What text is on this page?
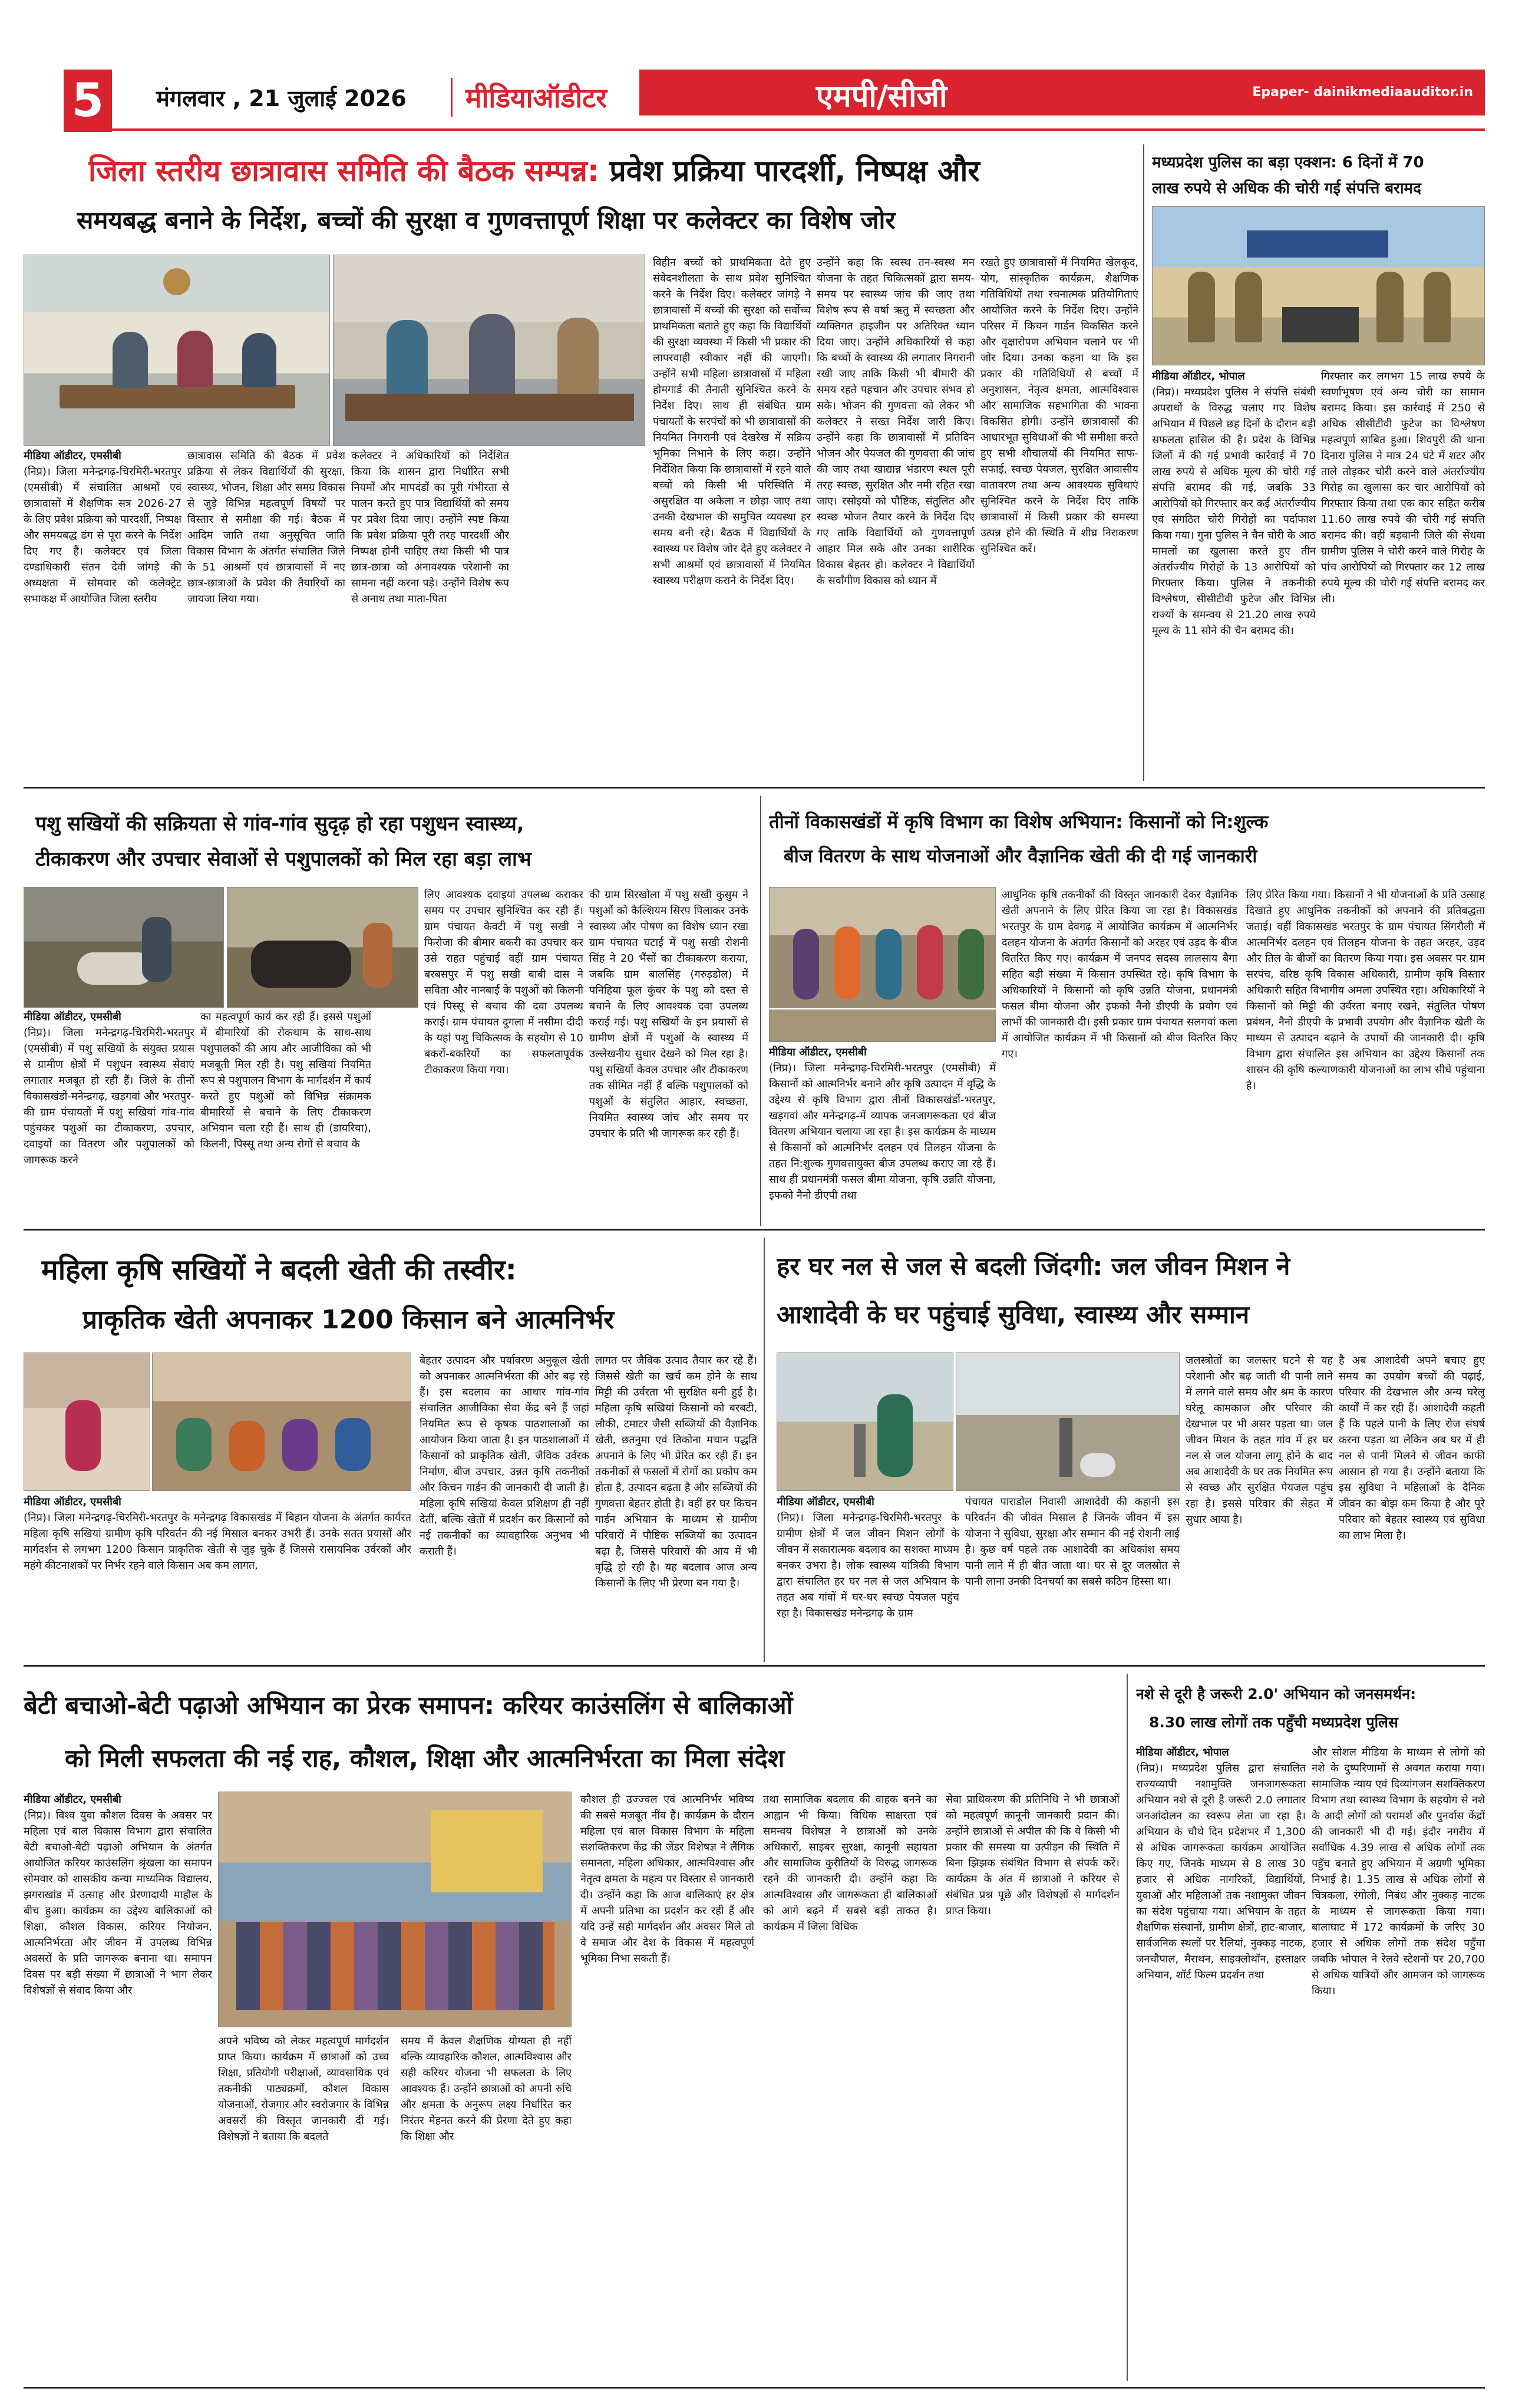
5	मंगलवार , 21 जुलाई 2026 मीडियाऑडीटर	एमपी/सीजी	Epaper- dainikmediaauditor.in
जिला स्तरीय छात्रावास समिति की बैठक सम्पन्न: प्रवेश प्रक्रिया पारदर्शी, निष्पक्ष और
समयबद्ध बनाने के निर्देश, बच्चों की सुरक्षा व गुणवत्तापूर्ण शिक्षा पर कलेक्टर का विशेष जोर

मीडिया ऑडीटर, एमसीबी

(निप्र)। जिला मनेन्द्रगढ़-चिरमिरी-भरतपुर (एमसीबी) में संचालित आश्रमों एवं छात्रावासों में शैक्षणिक सत्र 2026-27 के लिए प्रवेश प्रक्रिया को पारदर्शी, निष्पक्ष और समयबद्ध ढंग से पूरा करने के निर्देश दिए गए हैं। कलेक्टर एवं जिला दण्डाधिकारी संतन देवी जांगड़े की अध्यक्षता में सोमवार को कलेक्ट्रेट सभाकक्ष में आयोजित जिला स्तरीय

छात्रावास समिति की बैठक में प्रवेश प्रक्रिया से लेकर विद्यार्थियों की सुरक्षा, स्वास्थ्य, भोजन, शिक्षा और समग्र विकास से जुड़े विभिन्न महत्वपूर्ण विषयों पर विस्तार से समीक्षा की गई। बैठक में आदिम जाति तथा अनुसूचित जाति विकास विभाग के अंतर्गत संचालित जिले के 51 आश्रमों एवं छात्रावासों में नए छात्र-छात्राओं के प्रवेश की तैयारियों का जायजा लिया गया।

कलेक्टर ने अधिकारियों को निर्देशित किया कि शासन द्वारा निर्धारित सभी नियमों और मापदंडों का पूरी गंभीरता से पालन करते हुए पात्र विद्यार्थियों को समय पर प्रवेश दिया जाए। उन्होंने स्पष्ट किया कि प्रवेश प्रक्रिया पूरी तरह पारदर्शी और निष्पक्ष होनी चाहिए तथा किसी भी पात्र छात्र-छात्रा को अनावश्यक परेशानी का सामना नहीं करना पड़े। उन्होंने विशेष रूप से अनाथ तथा माता-पिता

विहीन बच्चों को प्राथमिकता देते हुए संवेदनशीलता के साथ प्रवेश सुनिश्चित करने के निर्देश दिए। कलेक्टर जांगड़े ने छात्रावासों में बच्चों की सुरक्षा को सर्वोच्च प्राथमिकता बताते हुए कहा कि विद्यार्थियों की सुरक्षा व्यवस्था में किसी भी प्रकार की लापरवाही स्वीकार नहीं की जाएगी। उन्होंने सभी महिला छात्रावासों में महिला होमगार्ड की तैनाती सुनिश्चित करने के निर्देश दिए। साथ ही संबंधित ग्राम पंचायतों के सरपंचों को भी छात्रावासों की नियमित निगरानी एवं देखरेख में सक्रिय भूमिका निभाने के लिए कहा। उन्होंने निर्देशित किया कि छात्रावासों में रहने वाले बच्चों को किसी भी परिस्थिति में असुरक्षित या अकेला न छोड़ा जाए तथा उनकी देखभाल की समुचित व्यवस्था हर समय बनी रहे। बैठक में विद्यार्थियों के स्वास्थ्य पर विशेष जोर देते हुए कलेक्टर ने सभी आश्रमों एवं छात्रावासों में नियमित स्वास्थ्य परीक्षण कराने के निर्देश दिए।

उन्होंने कहा कि स्वस्थ तन-स्वस्थ मन योजना के तहत चिकित्सकों द्वारा समय-समय पर स्वास्थ्य जांच की जाए तथा विशेष रूप से वर्षा ऋतु में स्वच्छता और व्यक्तिगत हाइजीन पर अतिरिक्त ध्यान दिया जाए। उन्होंने अधिकारियों से कहा कि बच्चों के स्वास्थ्य की लगातार निगरानी रखी जाए ताकि किसी भी बीमारी की समय रहते पहचान और उपचार संभव हो सके। भोजन की गुणवत्ता को लेकर भी कलेक्टर ने सख्त निर्देश जारी किए। उन्होंने कहा कि छात्रावासों में प्रतिदिन भोजन और पेयजल की गुणवत्ता की जांच की जाए तथा खाद्यान्न भंडारण स्थल पूरी तरह स्वच्छ, सुरक्षित और नमी रहित रखा जाए। रसोइयों को पौष्टिक, संतुलित और स्वच्छ भोजन तैयार करने के निर्देश दिए गए ताकि विद्यार्थियों को गुणवत्तापूर्ण आहार मिल सके और उनका शारीरिक विकास बेहतर हो। कलेक्टर ने विद्यार्थियों के सर्वांगीण विकास को ध्यान में

रखते हुए छात्रावासों में नियमित खेलकूद, योग, सांस्कृतिक कार्यक्रम, शैक्षणिक गतिविधियों तथा रचनात्मक प्रतियोगिताएं आयोजित करने के निर्देश दिए। उन्होंने परिसर में किचन गार्डन विकसित करने और वृक्षारोपण अभियान चलाने पर भी जोर दिया। उनका कहना था कि इस प्रकार की गतिविधियों से बच्चों में अनुशासन, नेतृत्व क्षमता, आत्मविश्वास और सामाजिक सहभागिता की भावना विकसित होगी। उन्होंने छात्रावासों की आधारभूत सुविधाओं की भी समीक्षा करते हुए सभी शौचालयों की नियमित साफ-सफाई, स्वच्छ पेयजल, सुरक्षित आवासीय वातावरण तथा अन्य आवश्यक सुविधाएं सुनिश्चित करने के निर्देश दिए ताकि छात्रावासों में किसी प्रकार की समस्या उत्पन्न होने की स्थिति में शीघ्र निराकरण सुनिश्चित करें।

मध्यप्रदेश पुलिस का बड़ा एक्शन: 6 दिनों में 70
लाख रुपये से अधिक की चोरी गई संपत्ति बरामद

मीडिया ऑडीटर, भोपाल

(निप्र)। मध्यप्रदेश पुलिस ने संपत्ति संबंधी अपराधों के विरुद्ध चलाए गए विशेष अभियान में पिछले छह दिनों के दौरान बड़ी सफलता हासिल की है। प्रदेश के विभिन्न जिलों में की गई प्रभावी कार्रवाई में 70 लाख रुपये से अधिक मूल्य की चोरी गई संपत्ति बरामद की गई, जबकि 33 आरोपियों को गिरफ्तार कर कई अंतर्राज्यीय एवं संगठित चोरी गिरोहों का पर्दाफाश किया गया। गुना पुलिस ने चैन चोरी के आठ मामलों का खुलासा करते हुए तीन अंतर्राज्यीय गिरोहों के 13 आरोपियों को गिरफ्तार किया। पुलिस ने तकनीकी विश्लेषण, सीसीटीवी फुटेज और विभिन्न राज्यों के समन्वय से 21.20 लाख रुपये मूल्य के 11 सोने की चैन बरामद की।

गिरफ्तार कर लगभग 15 लाख रुपये के स्वर्णाभूषण एवं अन्य चोरी का सामान बरामद किया। इस कार्रवाई में 250 से अधिक सीसीटीवी फुटेज का विश्लेषण महत्वपूर्ण साबित हुआ। शिवपुरी की थाना दिनारा पुलिस ने मात्र 24 घंटे में शटर और ताले तोड़कर चोरी करने वाले अंतर्राज्यीय गिरोह का खुलासा कर चार आरोपियों को गिरफ्तार किया तथा एक कार सहित करीब 11.60 लाख रुपये की चोरी गई संपत्ति बरामद की। वहीं बड़वानी जिले की सेंधवा ग्रामीण पुलिस ने चोरी करने वाले गिरोह के पांच आरोपियों को गिरफ्तार कर 12 लाख रुपये मूल्य की चोरी गई संपत्ति बरामद कर ली।

पशु सखियों की सक्रियता से गांव-गांव सुदृढ़ हो रहा पशुधन स्वास्थ्य,
टीकाकरण और उपचार सेवाओं से पशुपालकों को मिल रहा बड़ा लाभ

मीडिया ऑडीटर, एमसीबी

(निप्र)। जिला मनेन्द्रगढ़-चिरमिरी-भरतपुर (एमसीबी) में पशु सखियों के संयुक्त प्रयास से ग्रामीण क्षेत्रों में पशुधन स्वास्थ्य सेवाएं लगातार मजबूत हो रही हैं। जिले के तीनों विकासखंडों-मनेन्द्रगढ़, खड़गवां और भरतपुर-की ग्राम पंचायतों में पशु सखियां गांव-गांव पहुंचकर पशुओं का टीकाकरण, उपचार, दवाइयों का वितरण और पशुपालकों को जागरूक करने

का महत्वपूर्ण कार्य कर रही हैं। इससे पशुओं में बीमारियों की रोकथाम के साथ-साथ पशुपालकों की आय और आजीविका को भी मजबूती मिल रही है। पशु सखियां नियमित रूप से पशुपालन विभाग के मार्गदर्शन में कार्य करते हुए पशुओं को विभिन्न संक्रामक बीमारियों से बचाने के लिए टीकाकरण अभियान चला रही हैं। साथ ही (डायरिया), किलनी, पिस्सू तथा अन्य रोगों से बचाव के

लिए आवश्यक दवाइयां उपलब्ध कराकर समय पर उपचार सुनिश्चित कर रही हैं। ग्राम पंचायत केवटी में पशु सखी ने फिरोजा की बीमार बकरी का उपचार कर उसे राहत पहुंचाई वहीं ग्राम पंचायत बरबसपुर में पशु सखी बाबी दास ने सविता और नानबाई के पशुओं को किलनी एवं पिस्सू से बचाव की दवा उपलब्ध कराई। ग्राम पंचायत दुगला में नसीमा दीदी के यहां पशु चिकित्सक के सहयोग से 10 बकरों-बकरियों का सफलतापूर्वक टीकाकरण किया गया।

की ग्राम सिरखोला में पशु सखी कुसुम ने पशुओं को कैल्शियम सिरप पिलाकर उनके स्वास्थ्य और पोषण का विशेष ध्यान रखा ग्राम पंचायत घटाई में पशु सखी रोशनी सिंह ने 20 भैंसों का टीकाकरण कराया, जबकि ग्राम बालसिंह (गरुड़डोल) में पनिहिया फूल कुंवर के पशु को दस्त से बचाने के लिए आवश्यक दवा उपलब्ध कराई गई। पशु सखियों के इन प्रयासों से ग्रामीण क्षेत्रों में पशुओं के स्वास्थ्य में उल्लेखनीय सुधार देखने को मिल रहा है। पशु सखियों केवल उपचार और टीकाकरण तक सीमित नहीं हैं बल्कि पशुपालकों को पशुओं के संतुलित आहार, स्वच्छता, नियमित स्वास्थ्य जांच और समय पर उपचार के प्रति भी जागरूक कर रही हैं।

तीनों विकासखंडों में कृषि विभाग का विशेष अभियान: किसानों को नि:शुल्क
बीज वितरण के साथ योजनाओं और वैज्ञानिक खेती की दी गई जानकारी

मीडिया ऑडीटर, एमसीबी

(निप्र)। जिला मनेन्द्रगढ़-चिरमिरी-भरतपुर (एमसीबी) में किसानों को आत्मनिर्भर बनाने और कृषि उत्पादन में वृद्धि के उद्देश्य से कृषि विभाग द्वारा तीनों विकासखंडों-भरतपुर, खड़गवां और मनेन्द्रगढ़-में व्यापक जनजागरूकता एवं बीज वितरण अभियान चलाया जा रहा है। इस कार्यक्रम के माध्यम से किसानों को आत्मनिर्भर दलहन एवं तिलहन योजना के तहत नि:शुल्क गुणवत्तायुक्त बीज उपलब्ध कराए जा रहे हैं। साथ ही प्रधानमंत्री फसल बीमा योजना, कृषि उन्नति योजना, इफको नैनो डीएपी तथा

आधुनिक कृषि तकनीकों की विस्तृत जानकारी देकर वैज्ञानिक खेती अपनाने के लिए प्रेरित किया जा रहा है। विकासखंड भरतपुर के ग्राम देवगढ़ में आयोजित कार्यक्रम में आत्मनिर्भर दलहन योजना के अंतर्गत किसानों को अरहर एवं उड़द के बीज वितरित किए गए। कार्यक्रम में जनपद सदस्य लालसाय बैगा सहित बड़ी संख्या में किसान उपस्थित रहे। कृषि विभाग के अधिकारियों ने किसानों को कृषि उन्नति योजना, प्रधानमंत्री फसल बीमा योजना और इफको नैनो डीएपी के प्रयोग एवं लाभों की जानकारी दी। इसी प्रकार ग्राम पंचायत सलगवां कला में आयोजित कार्यक्रम में भी किसानों को बीज वितरित किए गए।

लिए प्रेरित किया गया। किसानों ने भी योजनाओं के प्रति उत्साह दिखाते हुए आधुनिक तकनीकों को अपनाने की प्रतिबद्धता जताई। वहीं विकासखंड भरतपुर के ग्राम पंचायत सिंगरौली में आत्मनिर्भर दलहन एवं तिलहन योजना के तहत अरहर, उड़द और तिल के बीजों का वितरण किया गया। इस अवसर पर ग्राम सरपंच, वरिष्ठ कृषि विकास अधिकारी, ग्रामीण कृषि विस्तार अधिकारी सहित विभागीय अमला उपस्थित रहा। अधिकारियों ने किसानों को मिट्टी की उर्वरता बनाए रखने, संतुलित पोषण प्रबंधन, नैनो डीएपी के प्रभावी उपयोग और वैज्ञानिक खेती के माध्यम से उत्पादन बढ़ाने के उपायों की जानकारी दी। कृषि विभाग द्वारा संचालित इस अभियान का उद्देश्य किसानों तक शासन की कृषि कल्याणकारी योजनाओं का लाभ सीधे पहुंचाना है।

महिला कृषि सखियों ने बदली खेती की तस्वीर:
प्राकृतिक खेती अपनाकर 1200 किसान बने आत्मनिर्भर

मीडिया ऑडीटर, एमसीबी

(निप्र)। जिला मनेन्द्रगढ़-चिरमिरी-भरतपुर के मनेन्द्रगढ़ विकासखंड में बिहान योजना के अंतर्गत कार्यरत महिला कृषि सखियां ग्रामीण कृषि परिवर्तन की नई मिसाल बनकर उभरी हैं। उनके सतत प्रयासों और मार्गदर्शन से लगभग 1200 किसान प्राकृतिक खेती से जुड़ चुके हैं जिससे रासायनिक उर्वरकों और महंगे कीटनाशकों पर निर्भर रहने वाले किसान अब कम लागत,

बेहतर उत्पादन और पर्यावरण अनुकूल खेती को अपनाकर आत्मनिर्भरता की ओर बढ़ रहे हैं। इस बदलाव का आधार गांव-गांव संचालित आजीविका सेवा केंद्र बने हैं जहां नियमित रूप से कृषक पाठशालाओं का आयोजन किया जाता है। इन पाठशालाओं में किसानों को प्राकृतिक खेती, जैविक उर्वरक निर्माण, बीज उपचार, उन्नत कृषि तकनीकों और किचन गार्डन की जानकारी दी जाती है। महिला कृषि सखियां केवल प्रशिक्षण ही नहीं देतीं, बल्कि खेतों में प्रदर्शन कर किसानों को नई तकनीकों का व्यावहारिक अनुभव भी कराती हैं।

लागत पर जैविक उत्पाद तैयार कर रहे हैं। जिससे खेती का खर्च कम होने के साथ मिट्टी की उर्वरता भी सुरक्षित बनी हुई है। महिला कृषि सखियां किसानों को बरबटी, लौकी, टमाटर जैसी सब्जियों की वैज्ञानिक खेती, छतनुमा एवं तिकोना मचान पद्धति अपनाने के लिए भी प्रेरित कर रही हैं। इन तकनीकों से फसलों में रोगों का प्रकोप कम होता है, उत्पादन बढ़ता है और सब्जियों की गुणवत्ता बेहतर होती है। वहीं हर घर किचन गार्डन अभियान के माध्यम से ग्रामीण परिवारों में पौष्टिक सब्जियों का उत्पादन बढ़ा है, जिससे परिवारों की आय में भी वृद्धि हो रही है। यह बदलाव आज अन्य किसानों के लिए भी प्रेरणा बन गया है।

हर घर नल से जल से बदली जिंदगी: जल जीवन मिशन ने
आशादेवी के घर पहुंचाई सुविधा, स्वास्थ्य और सम्मान

मीडिया ऑडीटर, एमसीबी

(निप्र)। जिला मनेन्द्रगढ़-चिरमिरी-भरतपुर के ग्रामीण क्षेत्रों में जल जीवन मिशन लोगों के जीवन में सकारात्मक बदलाव का सशक्त माध्यम बनकर उभरा है। लोक स्वास्थ्य यांत्रिकी विभाग द्वारा संचालित हर घर नल से जल अभियान के तहत अब गांवों में घर-घर स्वच्छ पेयजल पहुंच रहा है। विकासखंड मनेन्द्रगढ़ के ग्राम

पंचायत पाराडोल निवासी आशादेवी की कहानी इस परिवर्तन की जीवंत मिसाल है जिनके जीवन में इस योजना ने सुविधा, सुरक्षा और सम्मान की नई रोशनी लाई है। कुछ वर्ष पहले तक आशादेवी का अधिकांश समय पानी लाने में ही बीत जाता था। घर से दूर जलस्रोत से पानी लाना उनकी दिनचर्या का सबसे कठिन हिस्सा था।

जलस्त्रोतों का जलस्तर घटने से यह परेशानी और बढ़ जाती थी पानी लाने में लगने वाले समय और श्रम के कारण घरेलू कामकाज और परिवार की देखभाल पर भी असर पड़ता था। जल जीवन मिशन के तहत गांव में हर घर नल से जल योजना लागू होने के बाद अब आशादेवी के घर तक नियमित रूप से स्वच्छ और सुरक्षित पेयजल पहुंच रहा है। इससे परिवार की सेहत में सुधार आया है।

है अब आशादेवी अपने बचाए हुए समय का उपयोग बच्चों की पढ़ाई, परिवार की देखभाल और अन्य घरेलू कार्यों में कर रही हैं। आशादेवी कहती हैं कि पहले पानी के लिए रोज संघर्ष करना पड़ता था लेकिन अब घर में ही नल से पानी मिलने से जीवन काफी आसान हो गया है। उन्होंने बताया कि इस सुविधा ने महिलाओं के दैनिक जीवन का बोझ कम किया है और पूरे परिवार को बेहतर स्वास्थ्य एवं सुविधा का लाभ मिला है।

बेटी बचाओ-बेटी पढ़ाओ अभियान का प्रेरक समापन: करियर काउंसलिंग से बालिकाओं
को मिली सफलता की नई राह, कौशल, शिक्षा और आत्मनिर्भरता का मिला संदेश

मीडिया ऑडीटर, एमसीबी

(निप्र)। विश्व युवा कौशल दिवस के अवसर पर महिला एवं बाल विकास विभाग द्वारा संचालित बेटी बचाओ-बेटी पढ़ाओ अभियान के अंतर्गत आयोजित करियर काउंसलिंग श्रृंखला का समापन सोमवार को शासकीय कन्या माध्यमिक विद्यालय, झगराखांड में उत्साह और प्रेरणादायी माहौल के बीच हुआ। कार्यक्रम का उद्देश्य बालिकाओं को शिक्षा, कौशल विकास, करियर नियोजन, आत्मनिर्भरता और जीवन में उपलब्ध विभिन्न अवसरों के प्रति जागरूक बनाना था। समापन दिवस पर बड़ी संख्या में छात्राओं ने भाग लेकर विशेषज्ञों से संवाद किया और

अपने भविष्य को लेकर महत्वपूर्ण मार्गदर्शन प्राप्त किया। कार्यक्रम में छात्राओं को उच्च शिक्षा, प्रतियोगी परीक्षाओं, व्यावसायिक एवं तकनीकी पाठ्यक्रमों, कौशल विकास योजनाओं, रोजगार और स्वरोजगार के विभिन्न अवसरों की विस्तृत जानकारी दी गई। विशेषज्ञों ने बताया कि बदलते

समय में केवल शैक्षणिक योग्यता ही नहीं बल्कि व्यावहारिक कौशल, आत्मविश्वास और सही करियर योजना भी सफलता के लिए आवश्यक हैं। उन्होंने छात्राओं को अपनी रुचि और क्षमता के अनुरूप लक्ष्य निर्धारित कर निरंतर मेहनत करने की प्रेरणा देते हुए कहा कि शिक्षा और

कौशल ही उज्ज्वल एवं आत्मनिर्भर भविष्य की सबसे मजबूत नींव हैं। कार्यक्रम के दौरान महिला एवं बाल विकास विभाग के महिला सशक्तिकरण केंद्र की जेंडर विशेषज्ञ ने लैंगिक समानता, महिला अधिकार, आत्मविश्वास और नेतृत्व क्षमता के महत्व पर विस्तार से जानकारी दी। उन्होंने कहा कि आज बालिकाएं हर क्षेत्र में अपनी प्रतिभा का प्रदर्शन कर रही हैं और यदि उन्हें सही मार्गदर्शन और अवसर मिले तो वे समाज और देश के विकास में महत्वपूर्ण भूमिका निभा सकती हैं।

तथा सामाजिक बदलाव की वाहक बनने का आह्वान भी किया। विधिक साक्षरता एवं समन्वय विशेषज्ञ ने छात्राओं को उनके अधिकारों, साइबर सुरक्षा, कानूनी सहायता और सामाजिक कुरीतियों के विरुद्ध जागरूक रहने की जानकारी दी। उन्होंने कहा कि आत्मविश्वास और जागरूकता ही बालिकाओं को आगे बढ़ने में सबसे बड़ी ताकत है। कार्यक्रम में जिला विधिक

सेवा प्राधिकरण की प्रतिनिधि ने भी छात्राओं को महत्वपूर्ण कानूनी जानकारी प्रदान की। उन्होंने छात्राओं से अपील की कि वे किसी भी प्रकार की समस्या या उत्पीड़न की स्थिति में बिना झिझक संबंधित विभाग से संपर्क करें। कार्यक्रम के अंत में छात्राओं ने करियर से संबंधित प्रश्न पूछे और विशेषज्ञों से मार्गदर्शन प्राप्त किया।

नशे से दूरी है जरूरी 2.0' अभियान को जनसमर्थन:
8.30 लाख लोगों तक पहुँची मध्यप्रदेश पुलिस

मीडिया ऑडीटर, भोपाल

(निप्र)। मध्यप्रदेश पुलिस द्वारा संचालित राज्यव्यापी नशामुक्ति जनजागरूकता अभियान नशे से दूरी है जरूरी 2.0 लगातार जनआंदोलन का स्वरूप लेता जा रहा है। अभियान के चौथे दिन प्रदेशभर में 1,300 से अधिक जागरूकता कार्यक्रम आयोजित किए गए, जिनके माध्यम से 8 लाख 30 हजार से अधिक नागरिकों, विद्यार्थियों, युवाओं और महिलाओं तक नशामुक्त जीवन का संदेश पहुंचाया गया। अभियान के तहत शैक्षणिक संस्थानों, ग्रामीण क्षेत्रों, हाट-बाजार, सार्वजनिक स्थलों पर रैलियां, नुक्कड़ नाटक, जनचौपाल, मैराथन, साइक्लोथॉन, हस्ताक्षर अभियान, शॉर्ट फिल्म प्रदर्शन तथा

और सोशल मीडिया के माध्यम से लोगों को नशे के दुष्परिणामों से अवगत कराया गया। सामाजिक न्याय एवं दिव्यांगजन सशक्तिकरण विभाग तथा स्वास्थ्य विभाग के सहयोग से नशे के आदी लोगों को परामर्श और पुनर्वास केंद्रों की जानकारी भी दी गई। इंदौर नगरीय में सर्वाधिक 4.39 लाख से अधिक लोगों तक पहुँच बनाते हुए अभियान में अग्रणी भूमिका निभाई है। 1.35 लाख से अधिक लोगों से चित्रकला, रंगोली, निबंध और नुक्कड़ नाटक के माध्यम से जागरूकता किया गया। बालाघाट में 172 कार्यक्रमों के जरिए 30 हजार से अधिक लोगों तक संदेश पहुँचा जबकि भोपाल ने रेलवे स्टेशनों पर 20,700 से अधिक यात्रियों और आमजन को जागरूक किया।
